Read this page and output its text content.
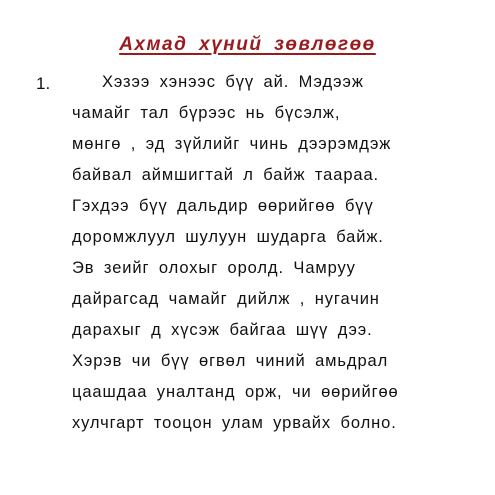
Ахмад хүний зөвлөгөө
1.	Хэзээ хэнээс бүү ай. Мэдээж
чамайг тал бүрээс нь бүсэлж,
мөнгө , эд зүйлийг чинь дээрэмдэж
байвал аймшигтай л байж таараа.
Гэхдээ бүү дальдир өөрийгөө бүү
доромжлуул шулуун шударга байж.
Эв зеийг олохыг оролд. Чамруу
дайрагсад чамайг дийлж , нугачин
дарахыг д хүсэж байгаа шүү дээ.
Хэрэв чи бүү өгвөл чиний амьдрал
цаашдаа уналтанд орж, чи өөрийгөө
хулчгарт тооцон улам урвайх болно.
